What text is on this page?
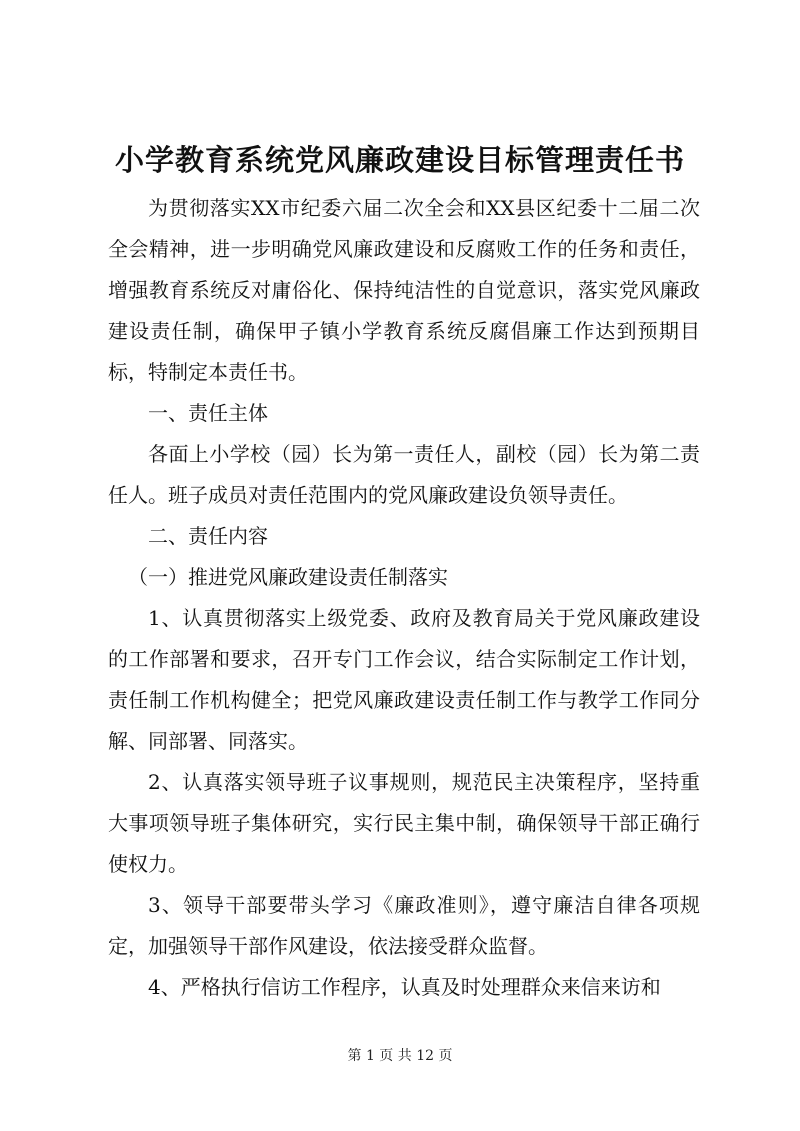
小学教育系统党风廉政建设目标管理责任书

为贯彻落实XX市纪委六届二次全会和XX县区纪委十二届二次全会精神，进一步明确党风廉政建设和反腐败工作的任务和责任，增强教育系统反对庸俗化、保持纯洁性的自觉意识，落实党风廉政建设责任制，确保甲子镇小学教育系统反腐倡廉工作达到预期目标，特制定本责任书。

一、责任主体

各面上小学校（园）长为第一责任人，副校（园）长为第二责任人。班子成员对责任范围内的党风廉政建设负领导责任。

二、责任内容

（一）推进党风廉政建设责任制落实

1、认真贯彻落实上级党委、政府及教育局关于党风廉政建设的工作部署和要求，召开专门工作会议，结合实际制定工作计划，责任制工作机构健全；把党风廉政建设责任制工作与教学工作同分解、同部署、同落实。

2、认真落实领导班子议事规则，规范民主决策程序，坚持重大事项领导班子集体研究，实行民主集中制，确保领导干部正确行使权力。

3、领导干部要带头学习《廉政准则》，遵守廉洁自律各项规定，加强领导干部作风建设，依法接受群众监督。

4、严格执行信访工作程序，认真及时处理群众来信来访和

第 1 页 共 12 页
